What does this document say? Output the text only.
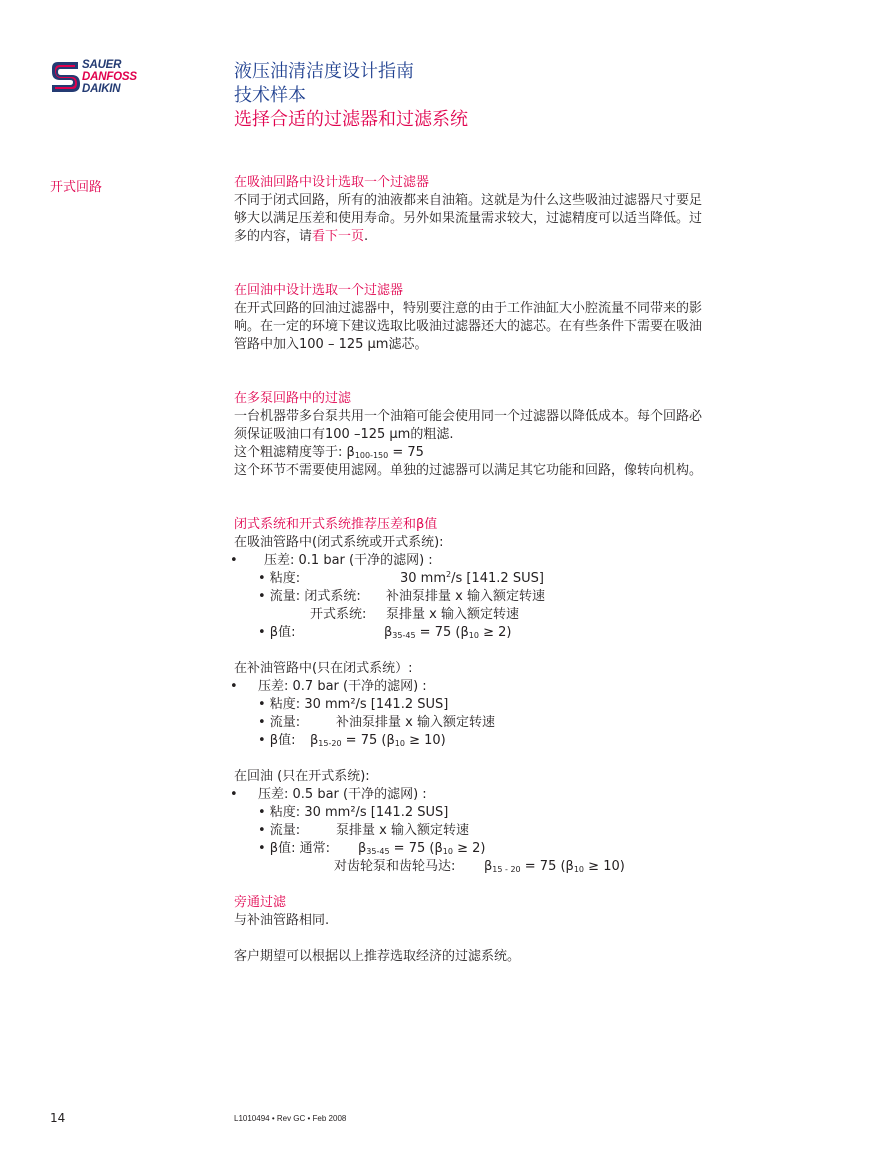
SAUER
DANFOSS
DAIKIN
液压油清洁度设计指南
技术样本
选择合适的过滤器和过滤系统
开式回路	在吸油回路中设计选取一个过滤器
不同于闭式回路，所有的油液都来自油箱。这就是为什么这些吸油过滤器尺寸要足
够大以满足压差和使用寿命。另外如果流量需求较大，过滤精度可以适当降低。过
多的内容，请看下一页.
在回油中设计选取一个过滤器
在开式回路的回油过滤器中，特别要注意的由于工作油缸大小腔流量不同带来的影
响。在一定的环境下建议选取比吸油过滤器还大的滤芯。在有些条件下需要在吸油
管路中加入100 – 125 µm滤芯。
在多泵回路中的过滤
一台机器带多台泵共用一个油箱可能会使用同一个过滤器以降低成本。每个回路必
须保证吸油口有100 –125 µm的粗滤.
这个粗滤精度等于: $\beta_{100-150} = 75$
这个环节不需要使用滤网。单独的过滤器可以满足其它功能和回路，像转向机构。
闭式系统和开式系统推荐压差和β值
在吸油管路中(闭式系统或开式系统):
• 压差: 0.1 bar (干净的滤网) :
• 粘度:	30 $mm^2/s$ [141.2 SUS]
• 流量: 闭式系统: 补油泵排量 x 输入额定转速
开式系统: 泵排量 x 输入额定转速
• β值:	$\beta_{35-45} = 75$ $(\beta_{10} \ge 2)$
在补油管路中(只在闭式系统）:
• 压差: 0.7 bar (干净的滤网) :
• 粘度: 30 mm²/s [141.2 SUS]
• 流量:	补油泵排量 x 输入额定转速
• β值: $\beta_{15-20} = 75$ $(\beta_{10} \ge 10)$
在回油 (只在开式系统):
• 压差: 0.5 bar (干净的滤网) :
• 粘度: 30 mm²/s [141.2 SUS]
• 流量:	泵排量 x 输入额定转速
• β值: 通常: $\beta_{35-45} = 75$ $(\beta_{10} \ge 2)$
对齿轮泵和齿轮马达: $\beta_{15 - 20} = 75$ $(\beta_{10} \ge 10)$
旁通过滤
与补油管路相同.
客户期望可以根据以上推荐选取经济的过滤系统。
14	L1010494 • Rev GC • Feb 2008
